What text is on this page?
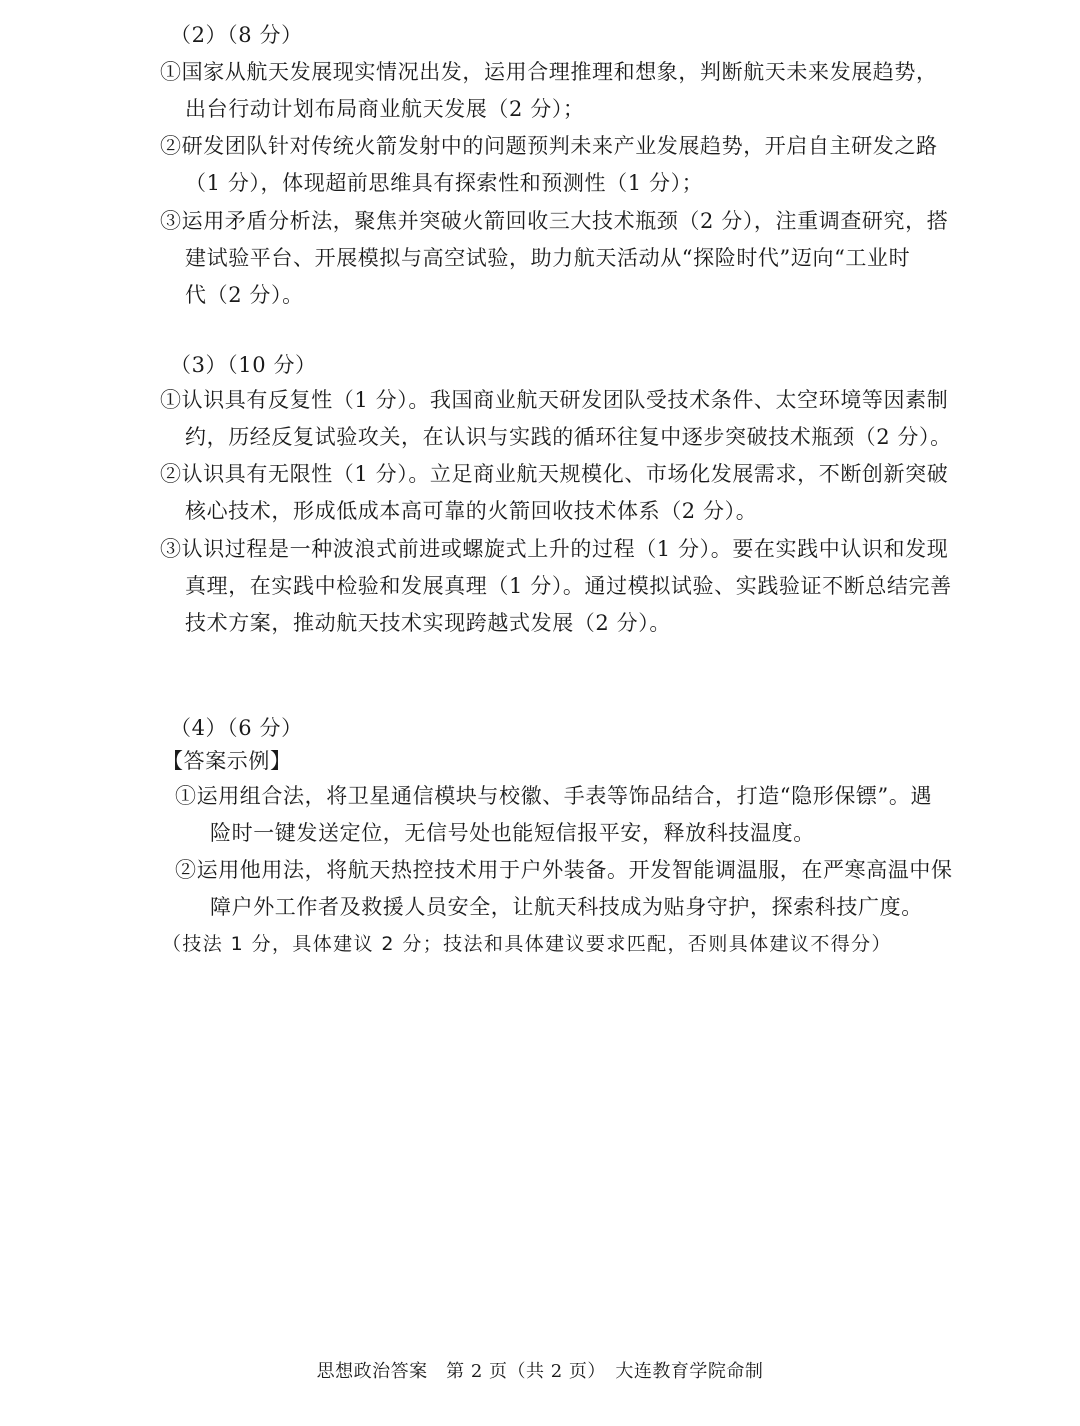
（2）（8 分）
①国家从航天发展现实情况出发，运用合理推理和想象，判断航天未来发展趋势，
出台行动计划布局商业航天发展（2 分）；
②研发团队针对传统火箭发射中的问题预判未来产业发展趋势，开启自主研发之路
（1 分），体现超前思维具有探索性和预测性（1 分）；
③运用矛盾分析法，聚焦并突破火箭回收三大技术瓶颈（2 分），注重调查研究，搭
建试验平台、开展模拟与高空试验，助力航天活动从“探险时代”迈向“工业时
代（2 分）。
（3）（10 分）
①认识具有反复性（1 分）。我国商业航天研发团队受技术条件、太空环境等因素制
约，历经反复试验攻关，在认识与实践的循环往复中逐步突破技术瓶颈（2 分）。
②认识具有无限性（1 分）。立足商业航天规模化、市场化发展需求，不断创新突破
核心技术，形成低成本高可靠的火箭回收技术体系（2 分）。
③认识过程是一种波浪式前进或螺旋式上升的过程（1 分）。要在实践中认识和发现
真理，在实践中检验和发展真理（1 分）。通过模拟试验、实践验证不断总结完善
技术方案，推动航天技术实现跨越式发展（2 分）。
（4）（6 分）
【答案示例】
①运用组合法，将卫星通信模块与校徽、手表等饰品结合，打造“隐形保镖”。遇
险时一键发送定位，无信号处也能短信报平安，释放科技温度。
②运用他用法，将航天热控技术用于户外装备。开发智能调温服，在严寒高温中保
障户外工作者及救援人员安全，让航天科技成为贴身守护，探索科技广度。
（技法 1 分，具体建议 2 分；技法和具体建议要求匹配，否则具体建议不得分）
思想政治答案　第 2 页（共 2 页）　大连教育学院命制
